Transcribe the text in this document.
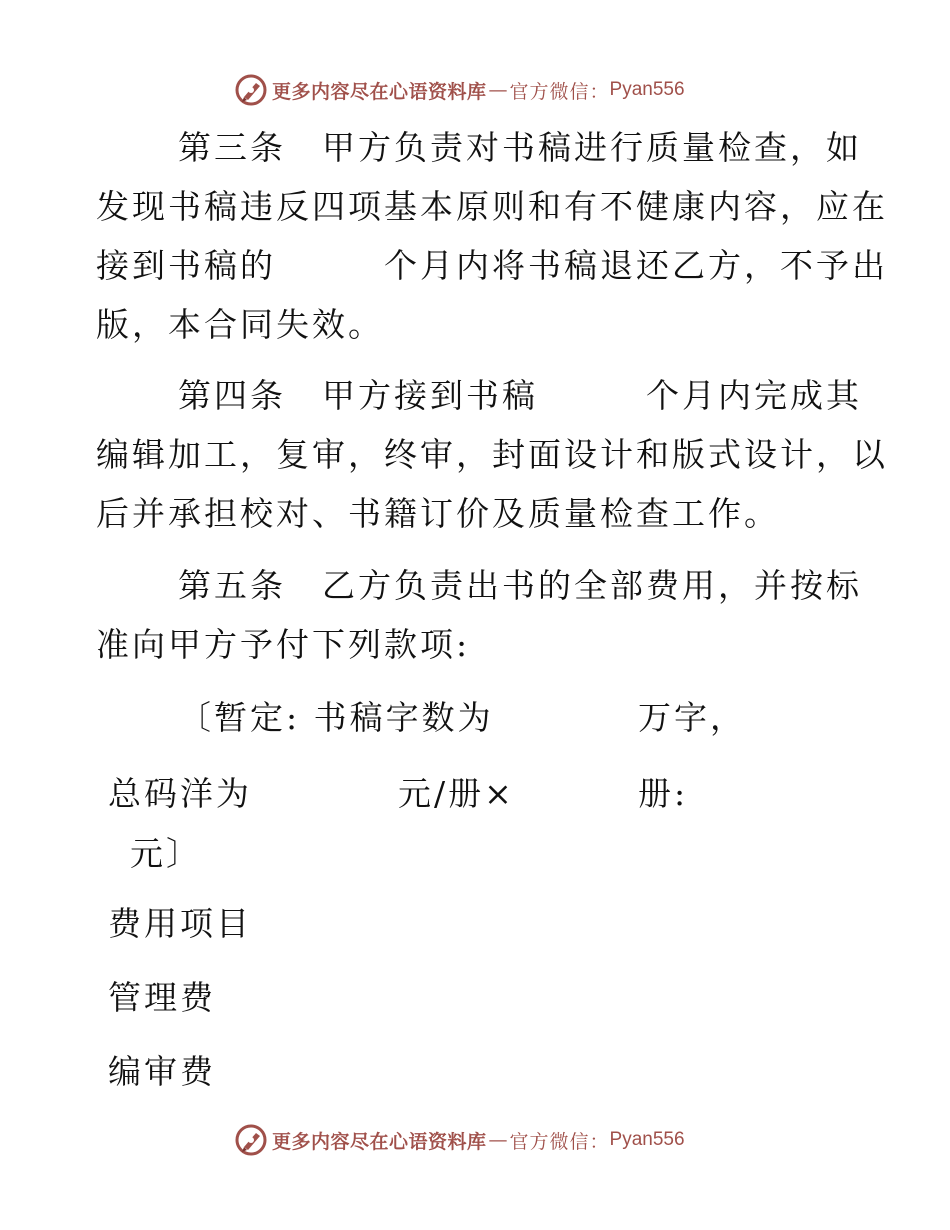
更多内容尽在心语资料库 — 官方微信： Pyan556
第三条　甲方负责对书稿进行质量检查，如
发现书稿违反四项基本原则和有不健康内容，应在
接到书稿的	个月内将书稿退还乙方，不予出
版，本合同失效。
第四条　甲方接到书稿	个月内完成其
编辑加工，复审，终审，封面设计和版式设计，以
后并承担校对、书籍订价及质量检查工作。
第五条　乙方负责出书的全部费用，并按标
准向甲方予付下列款项:
〔暂定: 书稿字数为	万字，
总码洋为	元/册×	册:
元〕
费用项目
管理费
编审费
更多内容尽在心语资料库 — 官方微信： Pyan556
